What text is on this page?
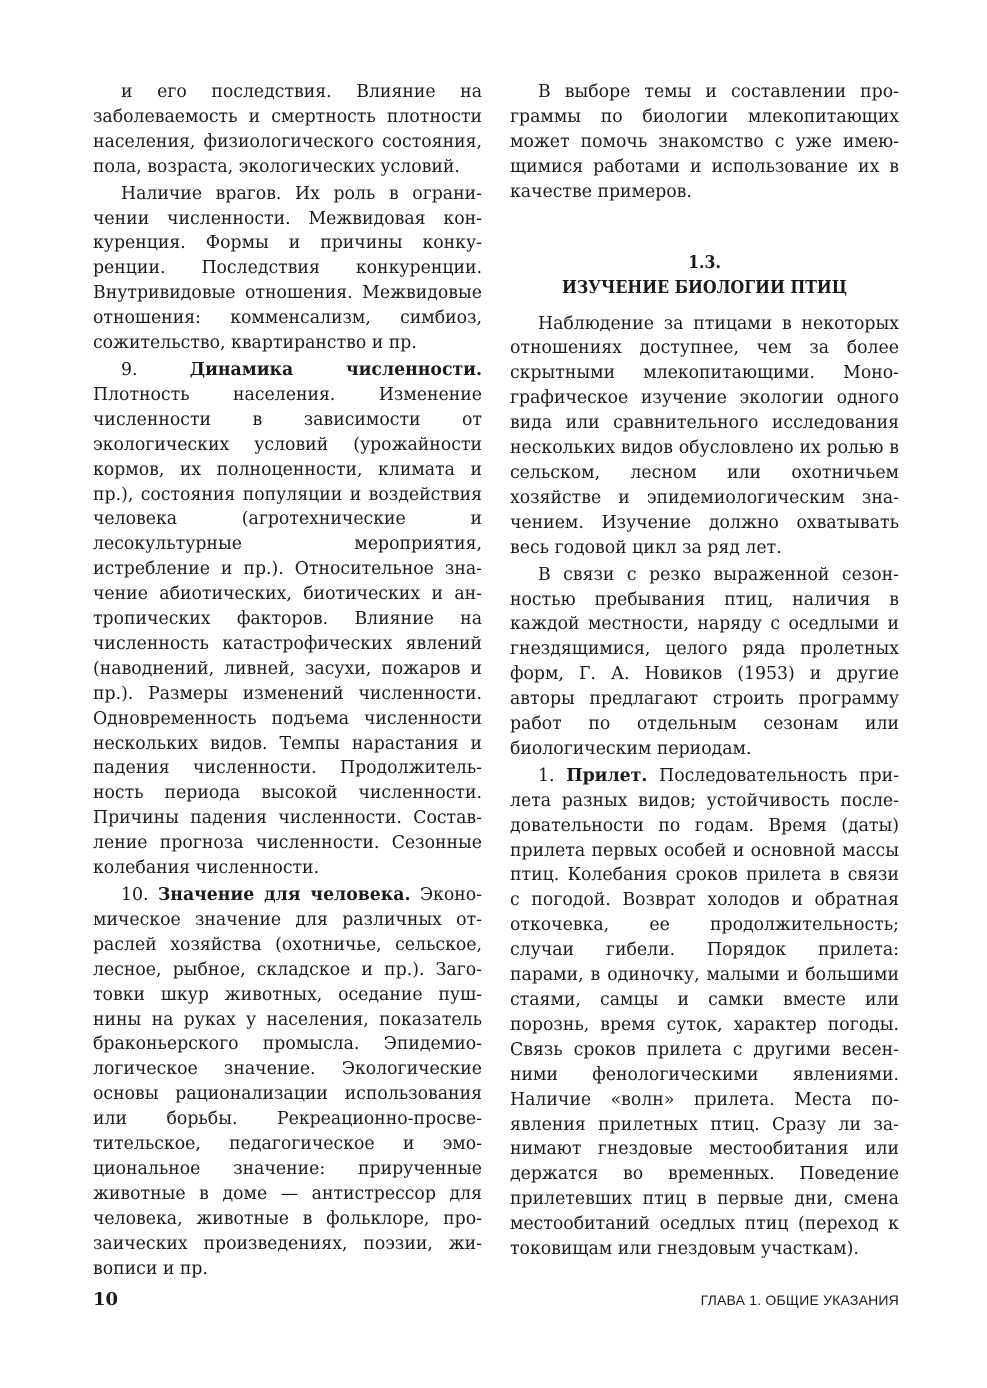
и его последствия. Влияние на заболеваемость и смертность плотности населения, физиологического состояния, пола, возраста, экологических условий.

Наличие врагов. Их роль в ограничении численности. Межвидовая конкуренция. Формы и причины конкуренции. Последствия конкуренции. Внутривидовые отношения. Межвидовые отношения: комменсализм, симбиоз, сожительство, квартиранство и пр.

9.	Динамика численности. Плотность населения. Изменение численности в зависимости от экологических условий (урожайности кормов, их полноценности, климата и пр.), состояния популяции и воздействия человека (агротехнические и лесокультурные мероприятия, истребление и пр.). Относительное значение абиотических, биотических и антропических факторов. Влияние на численность катастрофических явлений (наводнений, ливней, засухи, пожаров и пр.). Размеры изменений численности. Одновременность подъема численности нескольких видов. Темпы нарастания и падения численности. Продолжительность периода высокой численности. Причины падения численности. Составление прогноза численности. Сезонные колебания численности.

10. Значение для человека. Экономическое значение для различных отраслей хозяйства (охотничье, сельское, лесное, рыбное, складское и пр.). Заготовки шкур животных, оседание пушнины на руках у населения, показатель браконьерского промысла. Эпидемиологическое значение. Экологические основы рационализации использования или борьбы. Рекреационно-просветительское, педагогическое и эмоциональное значение: прирученные животные в доме — антистрессор для человека, животные в фольклоре, прозаических произведениях, поэзии, живописи и пр.

В выборе темы и составлении программы по биологии млекопитающих может помочь знакомство с уже имеющимися работами и использование их в качестве примеров.

1.3.
ИЗУЧЕНИЕ БИОЛОГИИ ПТИЦ

Наблюдение за птицами в некоторых отношениях доступнее, чем за более скрытными млекопитающими. Монографическое изучение экологии одного вида или сравнительного исследования нескольких видов обусловлено их ролью в сельском, лесном или охотничьем хозяйстве и эпидемиологическим значением. Изучение должно охватывать весь годовой цикл за ряд лет.

В связи с резко выраженной сезонностью пребывания птиц, наличия в каждой местности, наряду с оседлыми и гнездящимися, целого ряда пролетных форм, Г. А. Новиков (1953) и другие авторы предлагают строить программу работ по отдельным сезонам или биологическим периодам.

1. Прилет. Последовательность прилета разных видов; устойчивость последовательности по годам. Время (даты) прилета первых особей и основной массы птиц. Колебания сроков прилета в связи с погодой. Возврат холодов и обратная откочевка, ее продолжительность; случаи гибели. Порядок прилета: парами, в одиночку, малыми и большими стаями, самцы и самки вместе или порознь, время суток, характер погоды. Связь сроков прилета с другими весенними фенологическими явлениями. Наличие «волн» прилета. Места появления прилетных птиц. Сразу ли занимают гнездовые местообитания или держатся во временных. Поведение прилетевших птиц в первые дни, смена местообитаний оседлых птиц (переход к токовищам или гнездовым участкам).

10	ГЛАВА 1. ОБЩИЕ УКАЗАНИЯ
